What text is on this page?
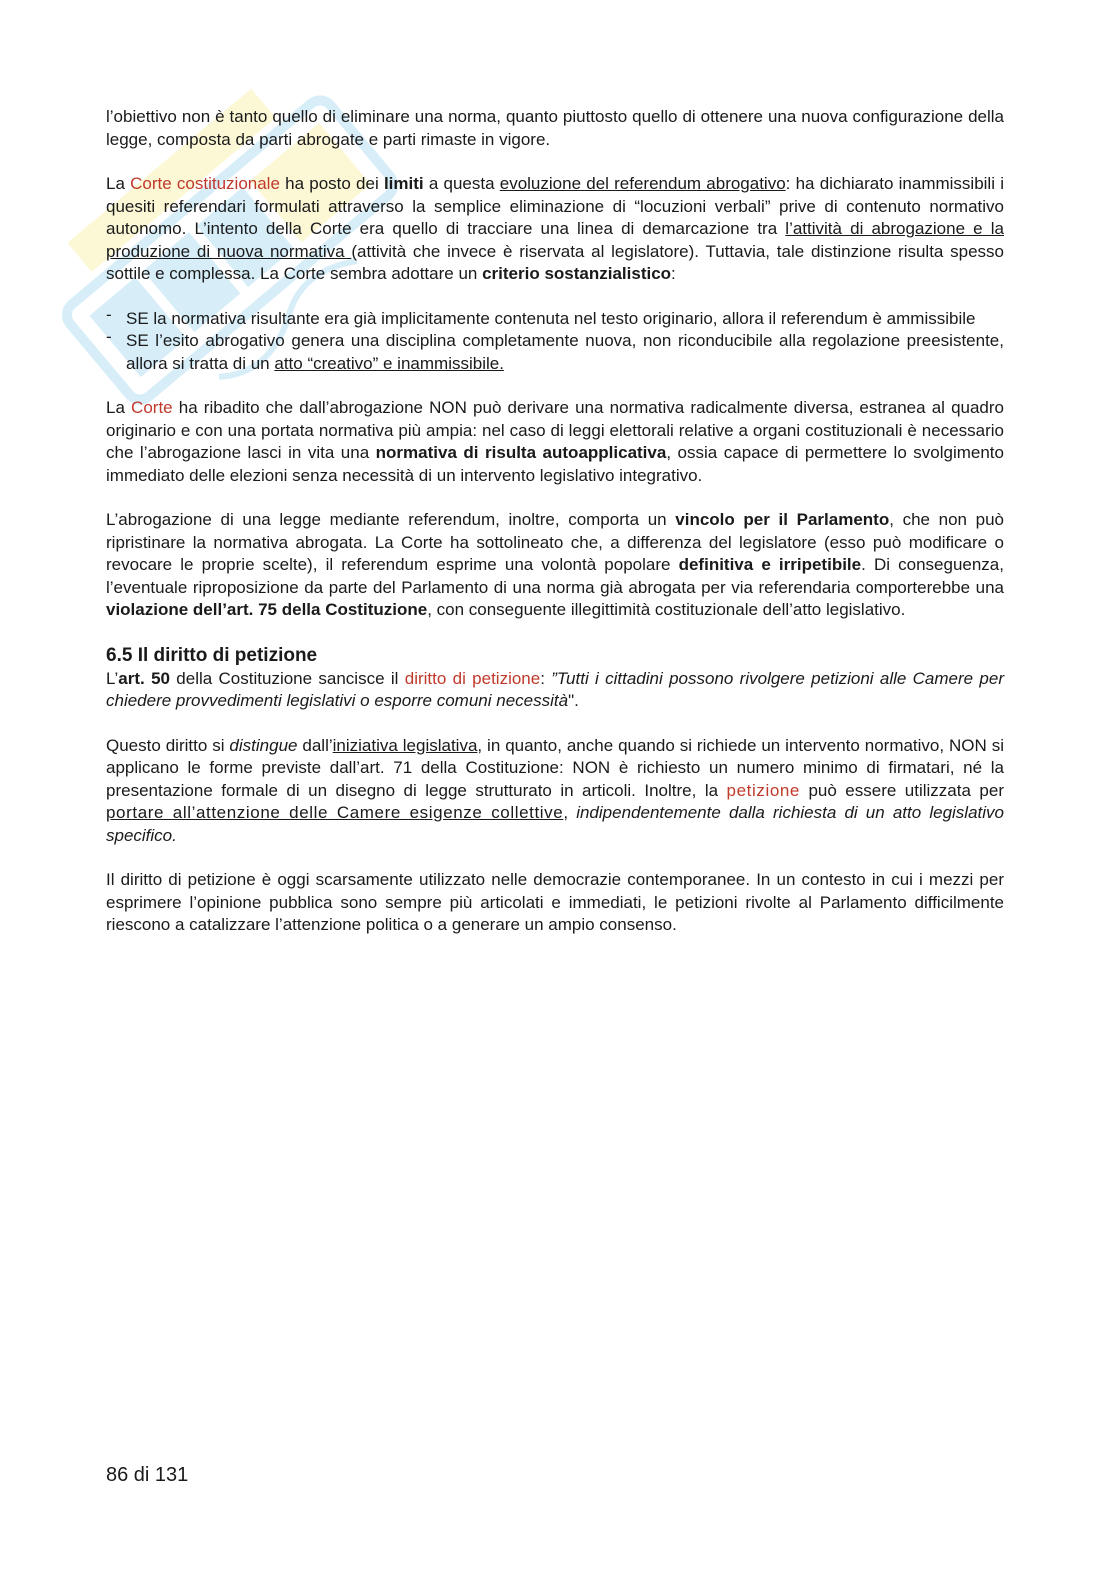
l’obiettivo non è tanto quello di eliminare una norma, quanto piuttosto quello di ottenere una nuova configurazione della legge, composta da parti abrogate e parti rimaste in vigore.

La Corte costituzionale ha posto dei limiti a questa evoluzione del referendum abrogativo: ha dichiarato inammissibili i quesiti referendari formulati attraverso la semplice eliminazione di “locuzioni verbali” prive di contenuto normativo autonomo. L’intento della Corte era quello di tracciare una linea di demarcazione tra l’attività di abrogazione e la produzione di nuova normativa (attività che invece è riservata al legislatore). Tuttavia, tale distinzione risulta spesso sottile e complessa. La Corte sembra adottare un criterio sostanzialistico:

- SE la normativa risultante era già implicitamente contenuta nel testo originario, allora il referendum è ammissibile
- SE l’esito abrogativo genera una disciplina completamente nuova, non riconducibile alla regolazione preesistente, allora si tratta di un atto “creativo” e inammissibile.

La Corte ha ribadito che dall’abrogazione NON può derivare una normativa radicalmente diversa, estranea al quadro originario e con una portata normativa più ampia: nel caso di leggi elettorali relative a organi costituzionali è necessario che l’abrogazione lasci in vita una normativa di risulta autoapplicativa, ossia capace di permettere lo svolgimento immediato delle elezioni senza necessità di un intervento legislativo integrativo.

L’abrogazione di una legge mediante referendum, inoltre, comporta un vincolo per il Parlamento, che non può ripristinare la normativa abrogata. La Corte ha sottolineato che, a differenza del legislatore (esso può modificare o revocare le proprie scelte), il referendum esprime una volontà popolare definitiva e irripetibile. Di conseguenza, l’eventuale riproposizione da parte del Parlamento di una norma già abrogata per via referendaria comporterebbe una violazione dell’art. 75 della Costituzione, con conseguente illegittimità costituzionale dell’atto legislativo.

6.5 Il diritto di petizione

L’art. 50 della Costituzione sancisce il diritto di petizione: ”Tutti i cittadini possono rivolgere petizioni alle Camere per chiedere provvedimenti legislativi o esporre comuni necessità".

Questo diritto si distingue dall’iniziativa legislativa, in quanto, anche quando si richiede un intervento normativo, NON si applicano le forme previste dall’art. 71 della Costituzione: NON è richiesto un numero minimo di firmatari, né la presentazione formale di un disegno di legge strutturato in articoli. Inoltre, la petizione può essere utilizzata per portare all’attenzione delle Camere esigenze collettive, indipendentemente dalla richiesta di un atto legislativo specifico.

Il diritto di petizione è oggi scarsamente utilizzato nelle democrazie contemporanee. In un contesto in cui i mezzi per esprimere l’opinione pubblica sono sempre più articolati e immediati, le petizioni rivolte al Parlamento difficilmente riescono a catalizzare l’attenzione politica o a generare un ampio consenso.

86 di 131
